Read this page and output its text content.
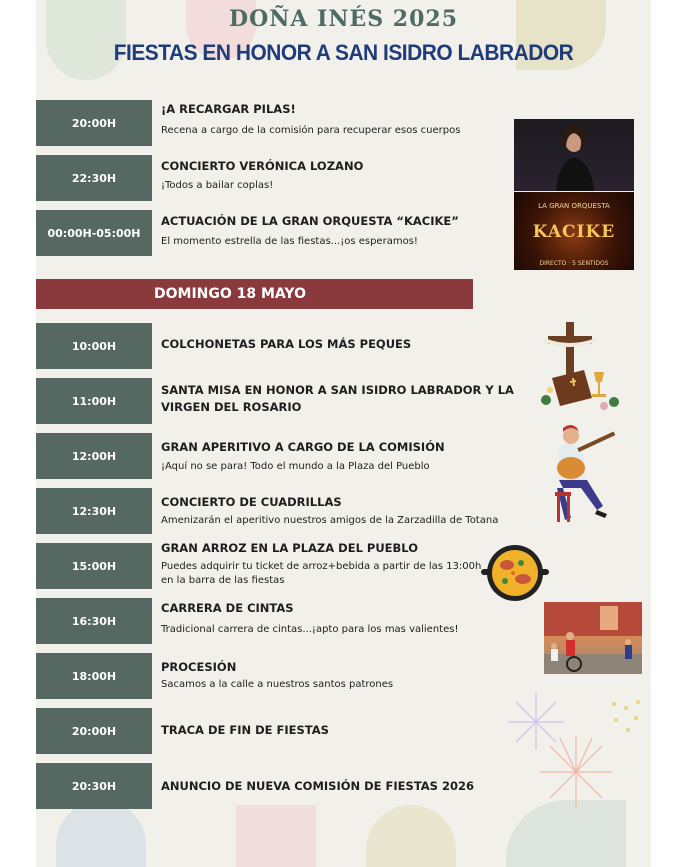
DOÑA INÉS 2025
FIESTAS EN HONOR A SAN ISIDRO LABRADOR
20:00H
¡A RECARGAR PILAS!
Recena a cargo de la comisión para recuperar esos cuerpos
22:30H
CONCIERTO VERÓNICA LOZANO
¡Todos a bailar coplas!
00:00H-05:00H
ACTUACIÓN DE LA GRAN ORQUESTA “KACIKE”
El momento estrella de las fiestas...¡os esperamos!
LA GRAN ORQUESTA
KACIKE
DIRECTO · 5 SENTIDOS
DOMINGO 18 MAYO
10:00H	COLCHONETAS PARA LOS MÁS PEQUES
11:00H
SANTA MISA EN HONOR A SAN ISIDRO LABRADOR Y LA VIRGEN DEL ROSARIO
12:00H
GRAN APERITIVO A CARGO DE LA COMISIÓN
¡Aquí no se para! Todo el mundo a la Plaza del Pueblo
12:30H
CONCIERTO DE CUADRILLAS
Amenizarán el aperitivo nuestros amigos de la Zarzadilla de Totana
15:00H
GRAN ARROZ EN LA PLAZA DEL PUEBLO
Puedes adquirir tu ticket de arroz+bebida a partir de las 13:00h en la barra de las fiestas
16:30H
CARRERA DE CINTAS
Tradicional carrera de cintas...¡apto para los mas valientes!
18:00H
PROCESIÓN
Sacamos a la calle a nuestros santos patrones
20:00H	TRACA DE FIN DE FIESTAS
20:30H	ANUNCIO DE NUEVA COMISIÓN DE FIESTAS 2026
